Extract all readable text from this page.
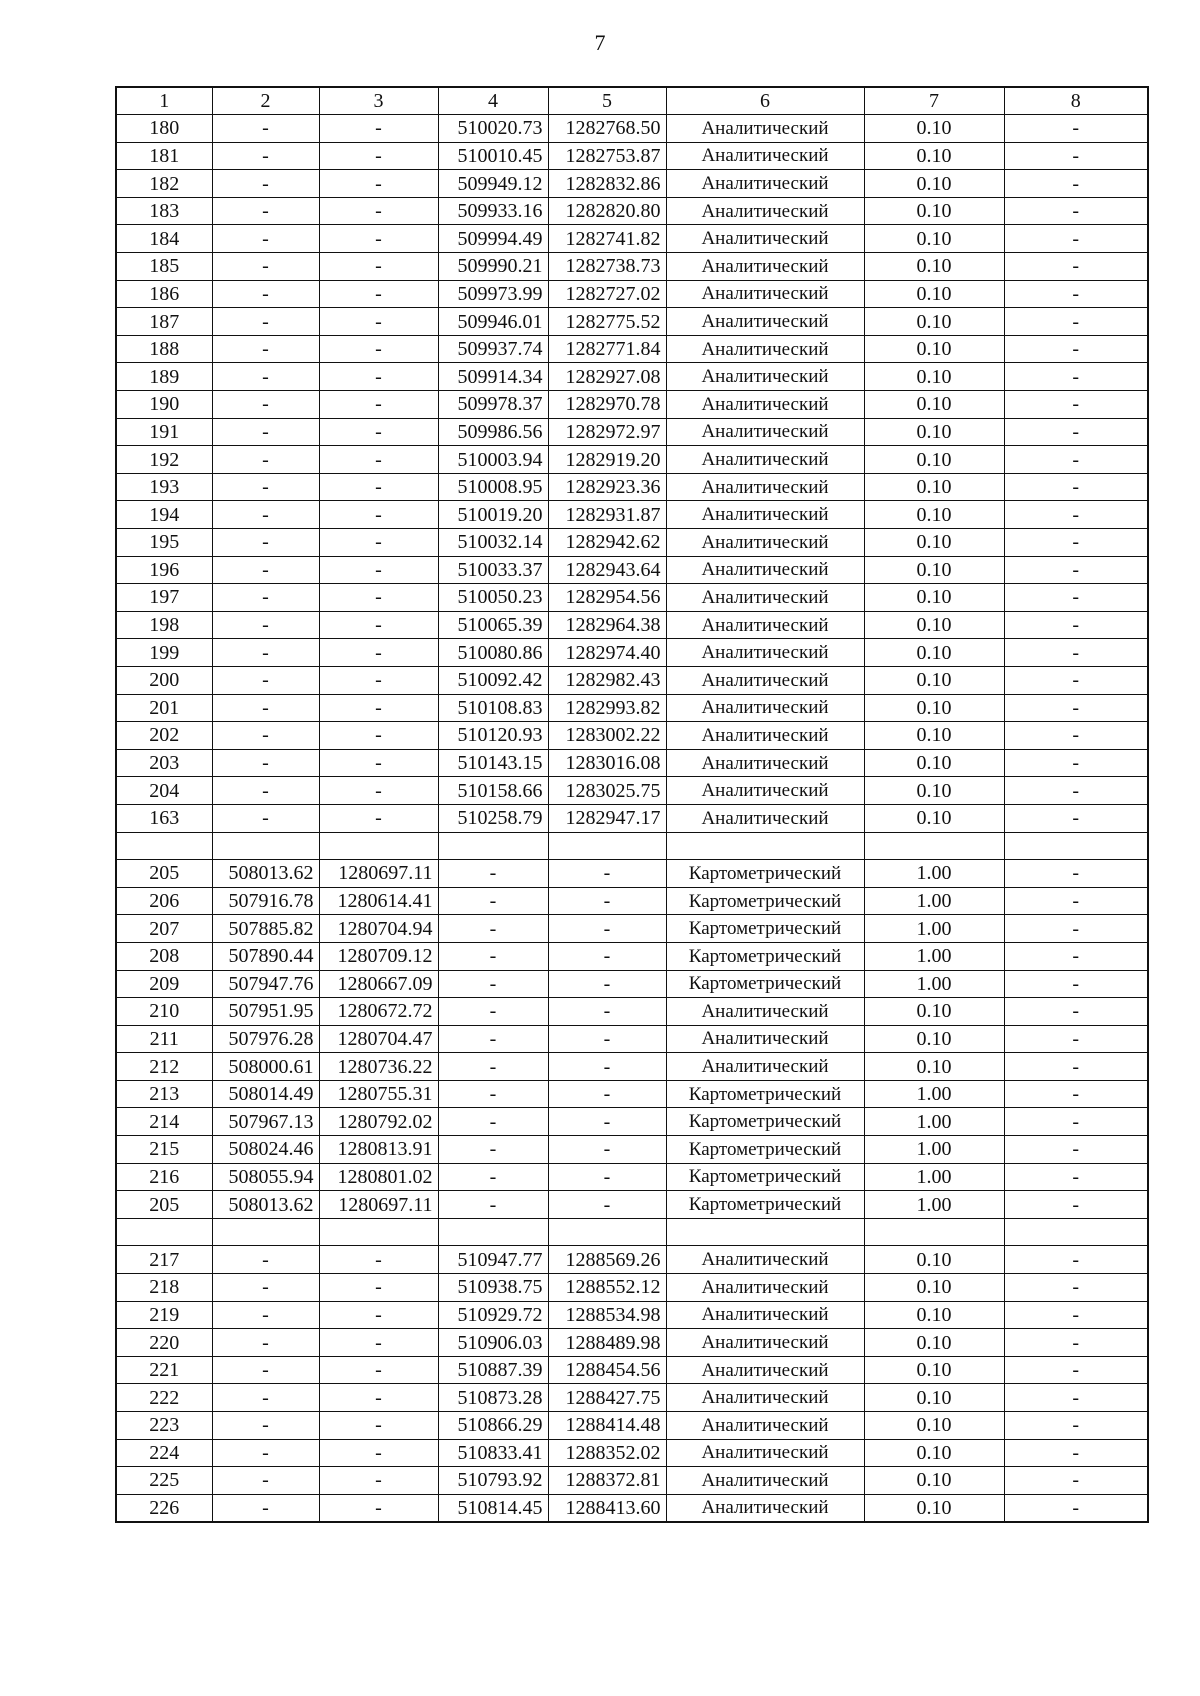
7
1	2	3	4	5	6	7	8
180	-	-	510020.73	1282768.50	Аналитический	0.10	-
181	-	-	510010.45	1282753.87	Аналитический	0.10	-
182	-	-	509949.12	1282832.86	Аналитический	0.10	-
183	-	-	509933.16	1282820.80	Аналитический	0.10	-
184	-	-	509994.49	1282741.82	Аналитический	0.10	-
185	-	-	509990.21	1282738.73	Аналитический	0.10	-
186	-	-	509973.99	1282727.02	Аналитический	0.10	-
187	-	-	509946.01	1282775.52	Аналитический	0.10	-
188	-	-	509937.74	1282771.84	Аналитический	0.10	-
189	-	-	509914.34	1282927.08	Аналитический	0.10	-
190	-	-	509978.37	1282970.78	Аналитический	0.10	-
191	-	-	509986.56	1282972.97	Аналитический	0.10	-
192	-	-	510003.94	1282919.20	Аналитический	0.10	-
193	-	-	510008.95	1282923.36	Аналитический	0.10	-
194	-	-	510019.20	1282931.87	Аналитический	0.10	-
195	-	-	510032.14	1282942.62	Аналитический	0.10	-
196	-	-	510033.37	1282943.64	Аналитический	0.10	-
197	-	-	510050.23	1282954.56	Аналитический	0.10	-
198	-	-	510065.39	1282964.38	Аналитический	0.10	-
199	-	-	510080.86	1282974.40	Аналитический	0.10	-
200	-	-	510092.42	1282982.43	Аналитический	0.10	-
201	-	-	510108.83	1282993.82	Аналитический	0.10	-
202	-	-	510120.93	1283002.22	Аналитический	0.10	-
203	-	-	510143.15	1283016.08	Аналитический	0.10	-
204	-	-	510158.66	1283025.75	Аналитический	0.10	-
163	-	-	510258.79	1282947.17	Аналитический	0.10	-

205	508013.62	1280697.11	-	-	Картометрический	1.00	-
206	507916.78	1280614.41	-	-	Картометрический	1.00	-
207	507885.82	1280704.94	-	-	Картометрический	1.00	-
208	507890.44	1280709.12	-	-	Картометрический	1.00	-
209	507947.76	1280667.09	-	-	Картометрический	1.00	-
210	507951.95	1280672.72	-	-	Аналитический	0.10	-
211	507976.28	1280704.47	-	-	Аналитический	0.10	-
212	508000.61	1280736.22	-	-	Аналитический	0.10	-
213	508014.49	1280755.31	-	-	Картометрический	1.00	-
214	507967.13	1280792.02	-	-	Картометрический	1.00	-
215	508024.46	1280813.91	-	-	Картометрический	1.00	-
216	508055.94	1280801.02	-	-	Картометрический	1.00	-
205	508013.62	1280697.11	-	-	Картометрический	1.00	-

217	-	-	510947.77	1288569.26	Аналитический	0.10	-
218	-	-	510938.75	1288552.12	Аналитический	0.10	-
219	-	-	510929.72	1288534.98	Аналитический	0.10	-
220	-	-	510906.03	1288489.98	Аналитический	0.10	-
221	-	-	510887.39	1288454.56	Аналитический	0.10	-
222	-	-	510873.28	1288427.75	Аналитический	0.10	-
223	-	-	510866.29	1288414.48	Аналитический	0.10	-
224	-	-	510833.41	1288352.02	Аналитический	0.10	-
225	-	-	510793.92	1288372.81	Аналитический	0.10	-
226	-	-	510814.45	1288413.60	Аналитический	0.10	-
